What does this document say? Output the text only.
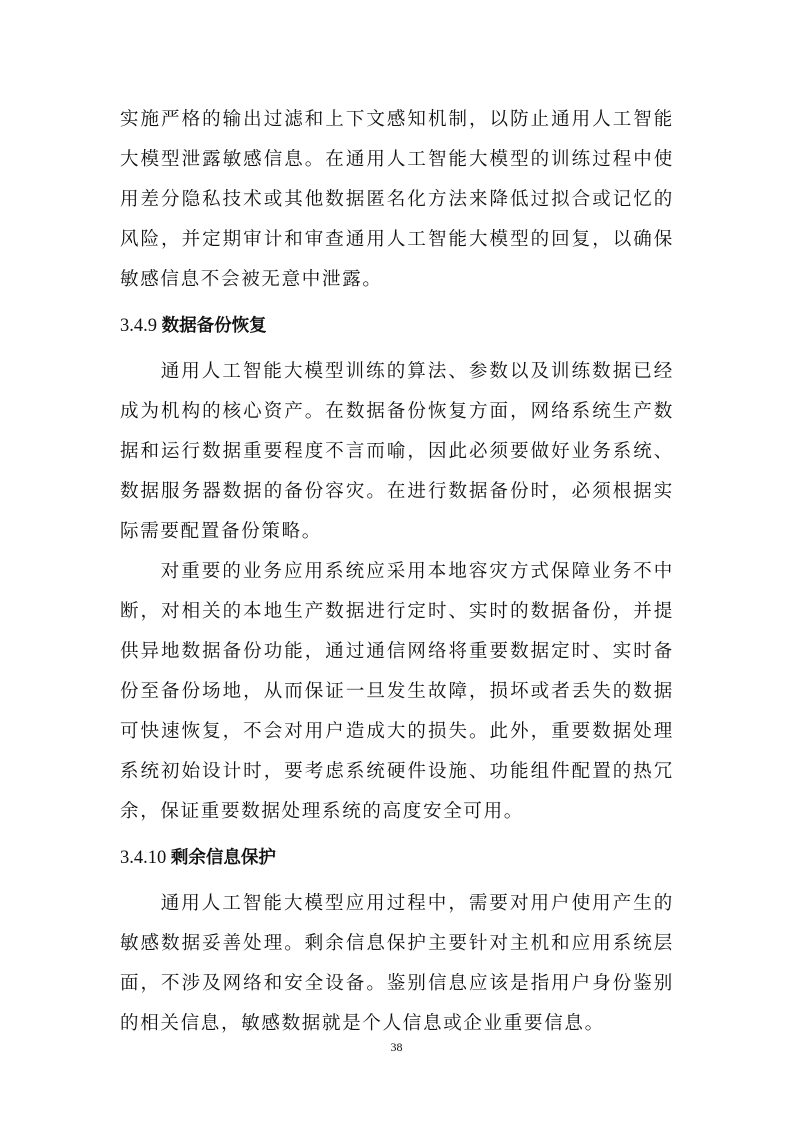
实施严格的输出过滤和上下文感知机制，以防止通用人工智能大模型泄露敏感信息。在通用人工智能大模型的训练过程中使用差分隐私技术或其他数据匿名化方法来降低过拟合或记忆的风险，并定期审计和审查通用人工智能大模型的回复，以确保敏感信息不会被无意中泄露。

3.4.9 数据备份恢复

通用人工智能大模型训练的算法、参数以及训练数据已经成为机构的核心资产。在数据备份恢复方面，网络系统生产数据和运行数据重要程度不言而喻，因此必须要做好业务系统、数据服务器数据的备份容灾。在进行数据备份时，必须根据实际需要配置备份策略。

对重要的业务应用系统应采用本地容灾方式保障业务不中断，对相关的本地生产数据进行定时、实时的数据备份，并提供异地数据备份功能，通过通信网络将重要数据定时、实时备份至备份场地，从而保证一旦发生故障，损坏或者丢失的数据可快速恢复，不会对用户造成大的损失。此外，重要数据处理系统初始设计时，要考虑系统硬件设施、功能组件配置的热冗余，保证重要数据处理系统的高度安全可用。

3.4.10 剩余信息保护

通用人工智能大模型应用过程中，需要对用户使用产生的敏感数据妥善处理。剩余信息保护主要针对主机和应用系统层面，不涉及网络和安全设备。鉴别信息应该是指用户身份鉴别的相关信息，敏感数据就是个人信息或企业重要信息。

38
